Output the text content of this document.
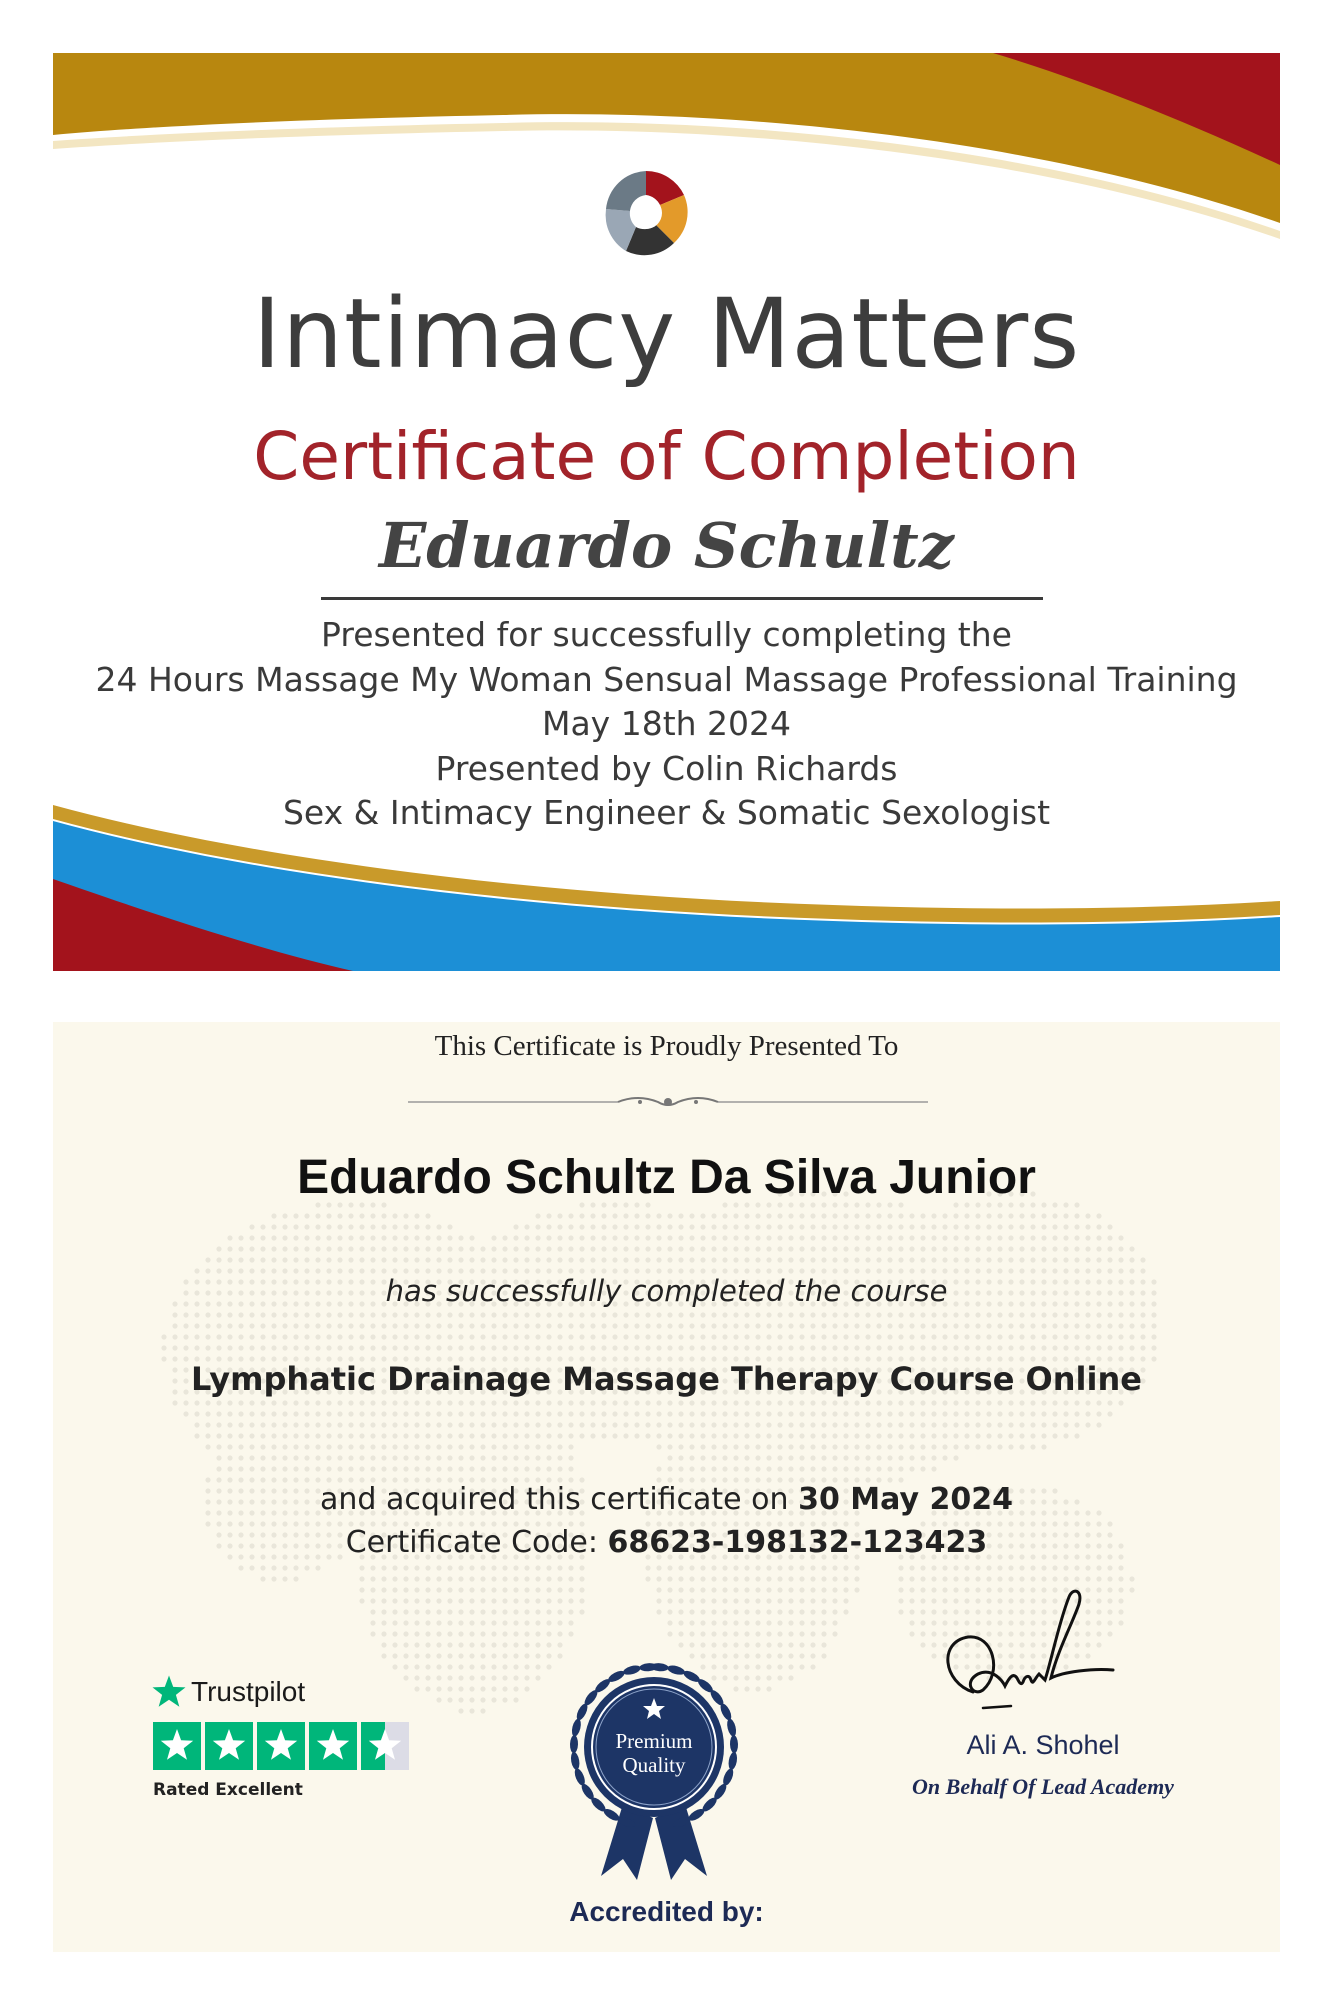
Intimacy Matters
Certificate of Completion
Eduardo Schultz
Presented for successfully completing the
24 Hours Massage My Woman Sensual Massage Professional Training
May 18th 2024
Presented by Colin Richards
Sex & Intimacy Engineer & Somatic Sexologist
This Certificate is Proudly Presented To
Eduardo Schultz Da Silva Junior
has successfully completed the course
Lymphatic Drainage Massage Therapy Course Online
and acquired this certificate on 30 May 2024
Certificate Code: 68623-198132-123423
Trustpilot
Rated Excellent
Premium
Quality
Ali A. Shohel
On Behalf Of Lead Academy
Accredited by:
